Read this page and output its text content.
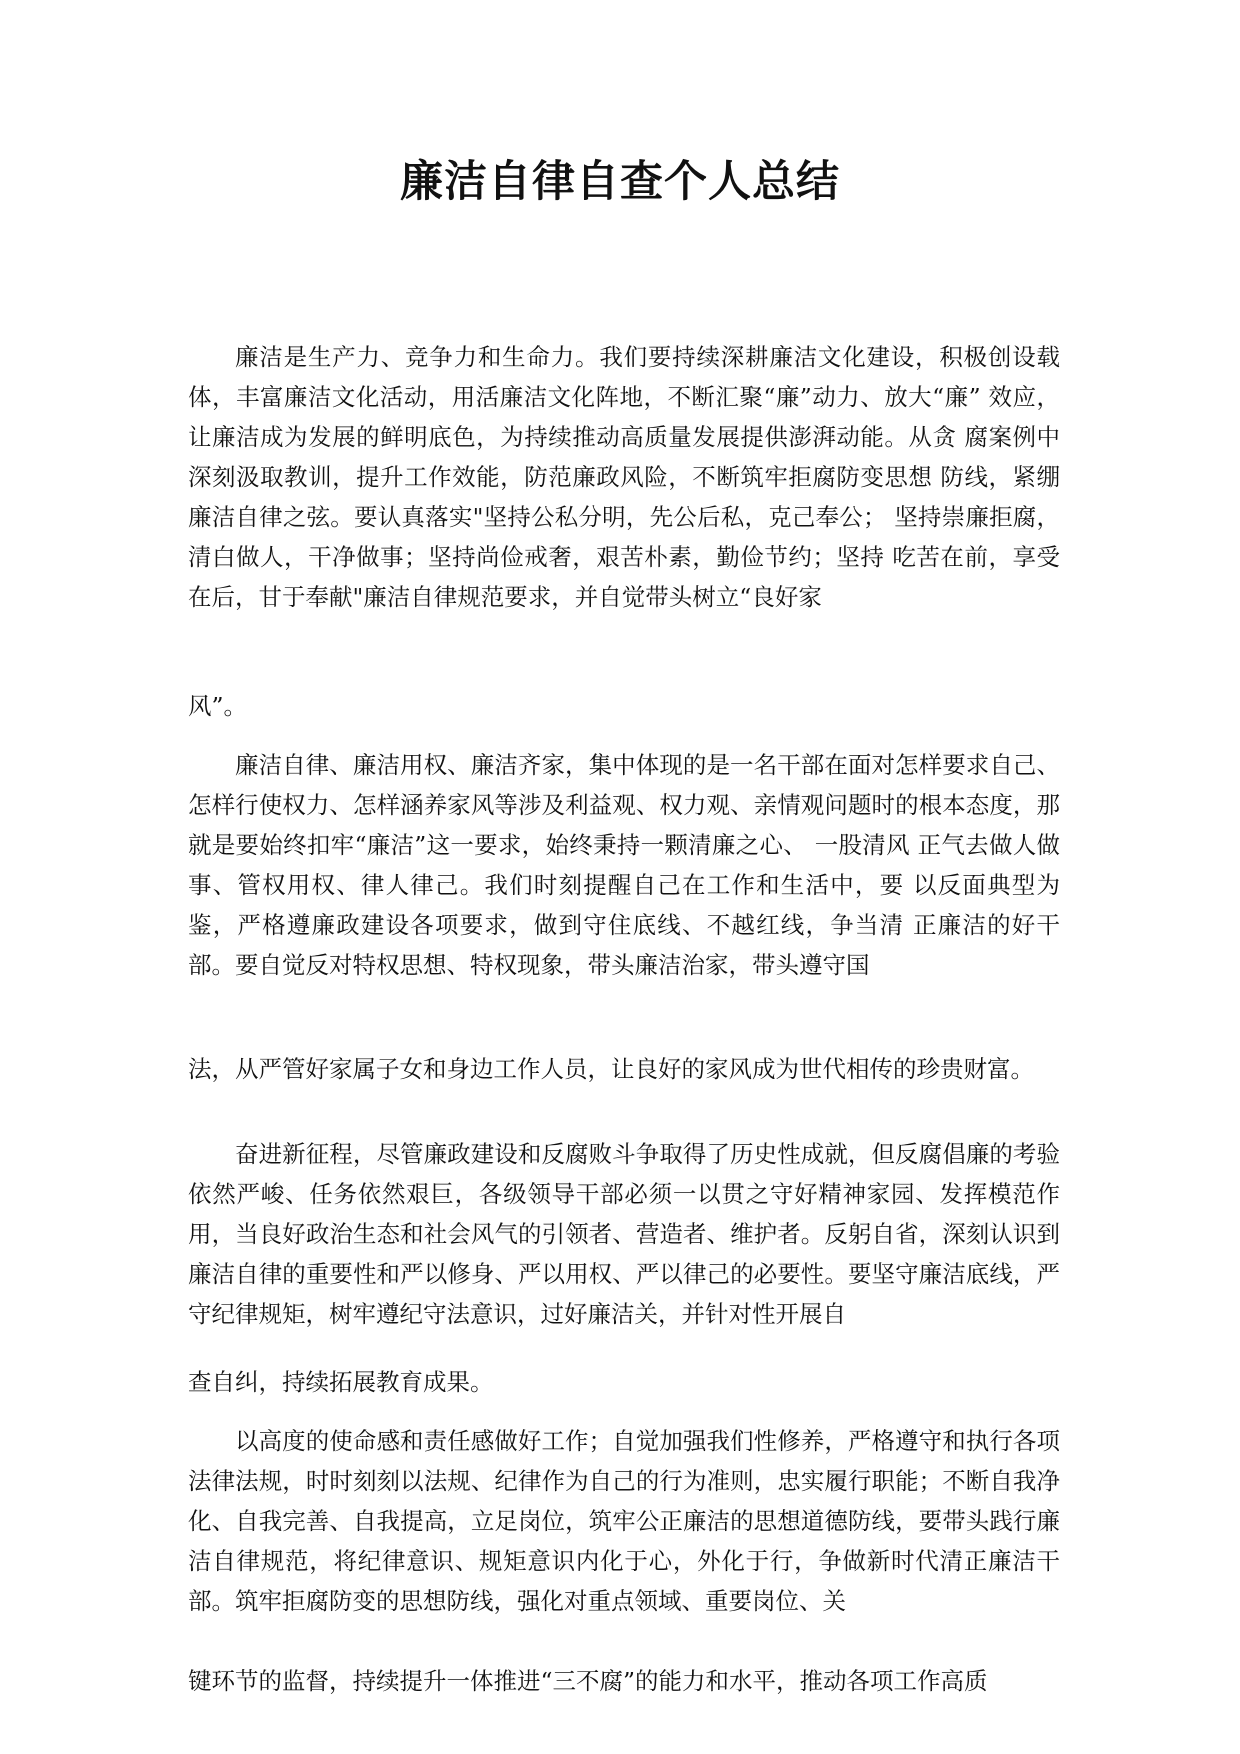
廉洁自律自查个人总结

廉洁是生产力、竞争力和生命力。我们要持续深耕廉洁文化建设，积极创设载体，丰富廉洁文化活动，用活廉洁文化阵地，不断汇聚“廉”动力、放大“廉” 效应，让廉洁成为发展的鲜明底色，为持续推动高质量发展提供澎湃动能。从贪 腐案例中深刻汲取教训，提升工作效能，防范廉政风险，不断筑牢拒腐防变思想 防线，紧绷廉洁自律之弦。要认真落实"坚持公私分明，先公后私，克己奉公； 坚持崇廉拒腐，清白做人，干净做事；坚持尚俭戒奢，艰苦朴素，勤俭节约；坚持 吃苦在前，享受在后，甘于奉献"廉洁自律规范要求，并自觉带头树立“良好家

风”。

廉洁自律、廉洁用权、廉洁齐家，集中体现的是一名干部在面对怎样要求自己、怎样行使权力、怎样涵养家风等涉及利益观、权力观、亲情观问题时的根本态度，那就是要始终扣牢“廉洁”这一要求，始终秉持一颗清廉之心、 一股清风 正气去做人做事、管权用权、律人律己。我们时刻提醒自己在工作和生活中，要 以反面典型为鉴，严格遵廉政建设各项要求，做到守住底线、不越红线，争当清 正廉洁的好干部。要自觉反对特权思想、特权现象，带头廉洁治家，带头遵守国

法，从严管好家属子女和身边工作人员，让良好的家风成为世代相传的珍贵财富。

奋进新征程，尽管廉政建设和反腐败斗争取得了历史性成就，但反腐倡廉的考验依然严峻、任务依然艰巨，各级领导干部必须一以贯之守好精神家园、发挥模范作用，当良好政治生态和社会风气的引领者、营造者、维护者。反躬自省，深刻认识到廉洁自律的重要性和严以修身、严以用权、严以律己的必要性。要坚守廉洁底线，严守纪律规矩，树牢遵纪守法意识，过好廉洁关，并针对性开展自

查自纠，持续拓展教育成果。

以高度的使命感和责任感做好工作；自觉加强我们性修养，严格遵守和执行各项法律法规，时时刻刻以法规、纪律作为自己的行为准则，忠实履行职能；不断自我净化、自我完善、自我提高，立足岗位，筑牢公正廉洁的思想道德防线，要带头践行廉洁自律规范，将纪律意识、规矩意识内化于心，外化于行，争做新时代清正廉洁干部。筑牢拒腐防变的思想防线，强化对重点领域、重要岗位、关

键环节的监督，持续提升一体推进“三不腐”的能力和水平，推动各项工作高质
